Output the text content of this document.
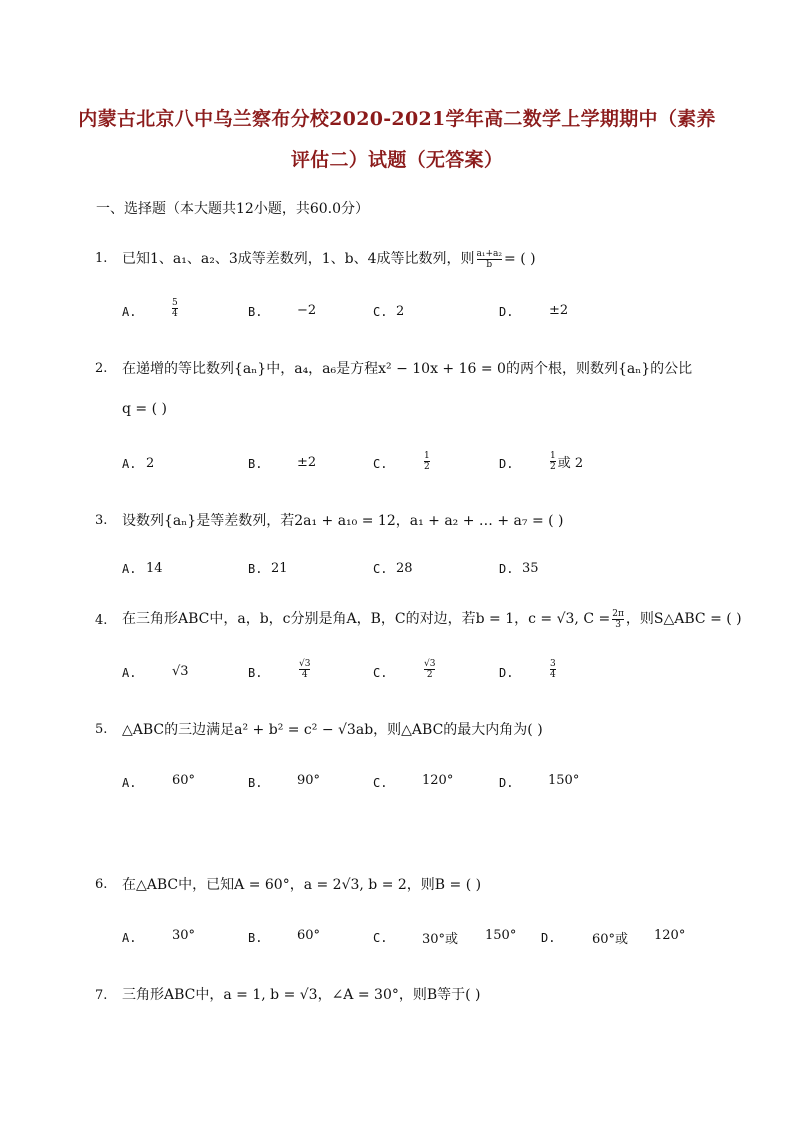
内蒙古北京八中乌兰察布分校2020-2021学年高二数学上学期期中（素养
评估二）试题（无答案）
一、选择题（本大题共12小题，共60.0分）
1. 已知1、a₁、a₂、3成等差数列，1、b、4成等比数列，则 $\frac{\text{a₁+a₂}}{b}$ = ( )
A.	$\frac{5}{4}$	B.	−2	C. 2	D.	±2
2. 在递增的等比数列{aₙ}中，a₄，a₆是方程x² − 10x + 16 = 0的两个根，则数列{aₙ}的公比
q = ( )
A. 2	B.	±2	C.	$\frac{1}{2}$	D.	$\frac{1}{2}$ 或 2
3. 设数列{aₙ}是等差数列，若2a₁ + a₁₀ = 12，a₁ + a₂ + … + a₇ = ( )
A. 14	B. 21	C. 28	D. 35
4. 在三角形ABC中，a，b，c分别是角A，B，C的对边，若b = 1，c = √3, $C = \frac{2\pi}{3}$ ，则S△ABC = ( )
A.	√3	B.	$\frac{√3}{4}$	C.	$\frac{√3}{2}$	D.	$\frac{3}{4}$
5. △ABC的三边满足a² + b² = c² − √3ab，则△ABC的最大内角为( )
A.	60°	B.	90°	C.	120°	D.	150°
6. 在△ABC中，已知A = 60°，a = 2√3, b = 2，则B = ( )
A.	30°	B.	60°	C.	30°或 150° D.	60°或 120°
7. 三角形ABC中，a = 1, b = √3，∠A = 30°，则B等于( )
